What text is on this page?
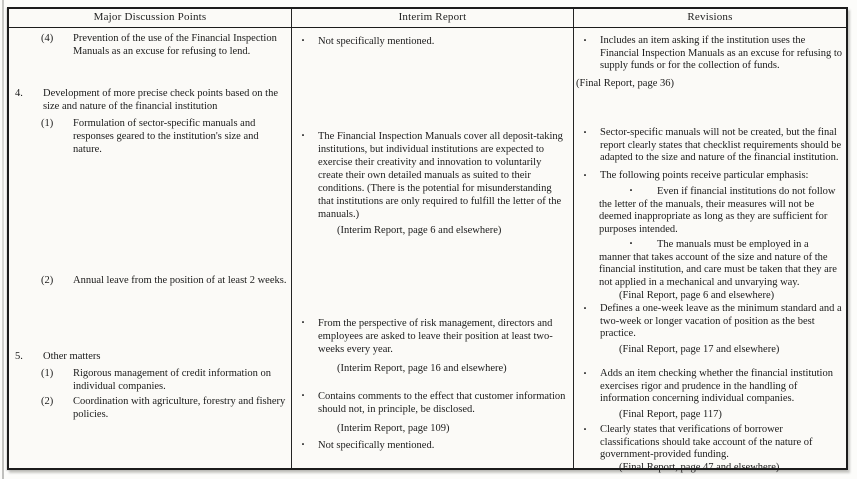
Major Discussion Points	Interim Report	Revisions
(4) Prevention of the use of the Financial Inspection Manuals as an excuse for refusing to lend.
4. Development of more precise check points based on the size and nature of the financial institution
(1) Formulation of sector-specific manuals and responses geared to the institution's size and nature.
(2) Annual leave from the position of at least 2 weeks.
5. Other matters
(1) Rigorous management of credit information on individual companies.
(2) Coordination with agriculture, forestry and fishery policies.
· Not specifically mentioned.
· The Financial Inspection Manuals cover all deposit-taking institutions, but individual institutions are expected to exercise their creativity and innovation to voluntarily create their own detailed manuals as suited to their conditions. (There is the potential for misunderstanding that institutions are only required to fulfill the letter of the manuals.)
(Interim Report, page 6 and elsewhere)
· From the perspective of risk management, directors and employees are asked to leave their position at least two-weeks every year.
(Interim Report, page 16 and elsewhere)
· Contains comments to the effect that customer information should not, in principle, be disclosed.
(Interim Report, page 109)
· Not specifically mentioned.
· Includes an item asking if the institution uses the Financial Inspection Manuals as an excuse for refusing to supply funds or for the collection of funds.
(Final Report, page 36)
· Sector-specific manuals will not be created, but the final report clearly states that checklist requirements should be adapted to the size and nature of the financial institution.
· The following points receive particular emphasis:
· Even if financial institutions do not follow the letter of the manuals, their measures will not be deemed inappropriate as long as they are sufficient for purposes intended.
· The manuals must be employed in a manner that takes account of the size and nature of the financial institution, and care must be taken that they are not applied in a mechanical and unvarying way.
(Final Report, page 6 and elsewhere)
· Defines a one-week leave as the minimum standard and a two-week or longer vacation of position as the best practice.
(Final Report, page 17 and elsewhere)
· Adds an item checking whether the financial institution exercises rigor and prudence in the handling of information concerning individual companies.
(Final Report, page 117)
· Clearly states that verifications of borrower classifications should take account of the nature of government-provided funding.
(Final Report, page 47 and elsewhere)
